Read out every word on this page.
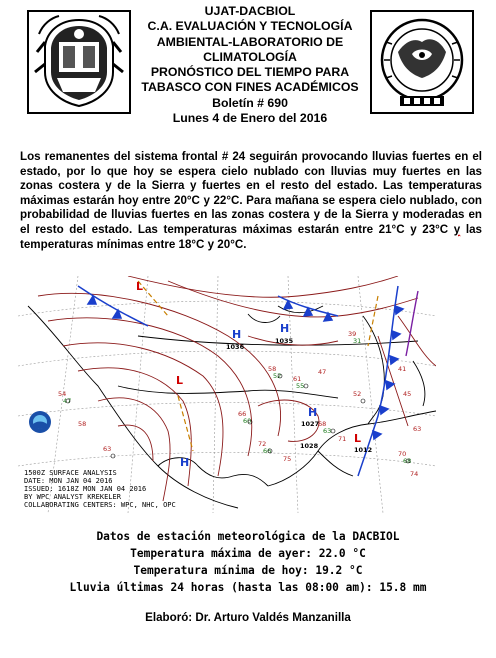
UJAT-DACBIOL
C.A. EVALUACIÓN Y TECNOLOGÍA
AMBIENTAL-LABORATORIO DE
CLIMATOLOGÍA
PRONÓSTICO DEL TIEMPO PARA
TABASCO CON FINES ACADÉMICOS
Boletín # 690
Lunes 4 de Enero del 2016
Los remanentes del sistema frontal # 24 seguirán provocando lluvias fuertes en el estado, por lo que hoy se espera cielo nublado con lluvias muy fuertes en las zonas costera y de la Sierra y fuertes en el resto del estado. Las temperaturas máximas estarán hoy entre 20°C y 22°C. Para mañana se espera cielo nublado, con probabilidad de lluvias fuertes en las zonas costera y de la Sierra y moderadas en el resto del estado. Las temperaturas máximas estarán entre 21°C y 23°C y las temperaturas mínimas entre 18°C y 20°C.
58
61
47
66
72
75
39
70
74
54
58
63
68
71
52	45
63
41
52
55
60
66
31
68
47
63
H	H
H
H
L
L
L
1036
1035
1027
1028	1012
1500Z SURFACE ANALYSIS
DATE: MON JAN 04 2016
ISSUED: 1618Z MON JAN 04 2016
BY WPC ANALYST KREKELER
COLLABORATING CENTERS: WPC, NHC, OPC
Datos de estación meteorológica de la DACBIOL
Temperatura máxima de ayer: 22.0 °C
Temperatura mínima de hoy: 19.2 °C
Lluvia últimas 24 horas (hasta las 08:00 am): 15.8 mm
Elaboró: Dr. Arturo Valdés Manzanilla
